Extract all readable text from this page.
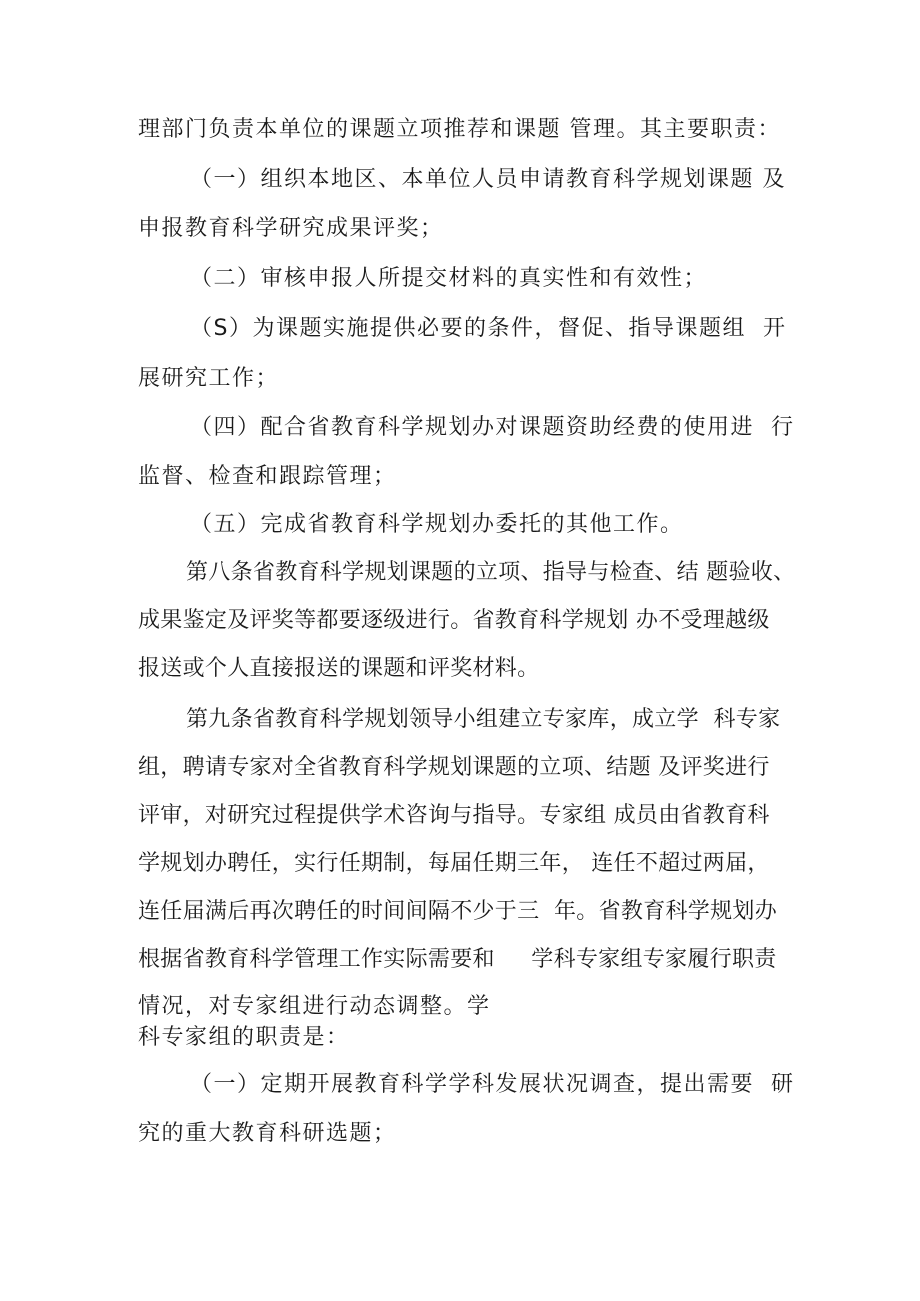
理部门负责本单位的课题立项推荐和课题 管理。其主要职责：
（一）组织本地区、本单位人员申请教育科学规划课题 及
申报教育科学研究成果评奖；
（二）审核申报人所提交材料的真实性和有效性；
（S）为课题实施提供必要的条件，督促、指导课题组  开
展研究工作；
（四）配合省教育科学规划办对课题资助经费的使用进  行
监督、检查和跟踪管理；
（五）完成省教育科学规划办委托的其他工作。
第八条省教育科学规划课题的立项、指导与检查、结 题验收、
成果鉴定及评奖等都要逐级进行。省教育科学规划 办不受理越级
报送或个人直接报送的课题和评奖材料。
第九条省教育科学规划领导小组建立专家库，成立学  科专家
组，聘请专家对全省教育科学规划课题的立项、结题 及评奖进行
评审，对研究过程提供学术咨询与指导。专家组 成员由省教育科
学规划办聘任，实行任期制，每届任期三年， 连任不超过两届，
连任届满后再次聘任的时间间隔不少于三  年。省教育科学规划办
根据省教育科学管理工作实际需要和     学科专家组专家履行职责
情况，对专家组进行动态调整。学
科专家组的职责是：
（一）定期开展教育科学学科发展状况调查，提出需要  研
究的重大教育科研选题；
